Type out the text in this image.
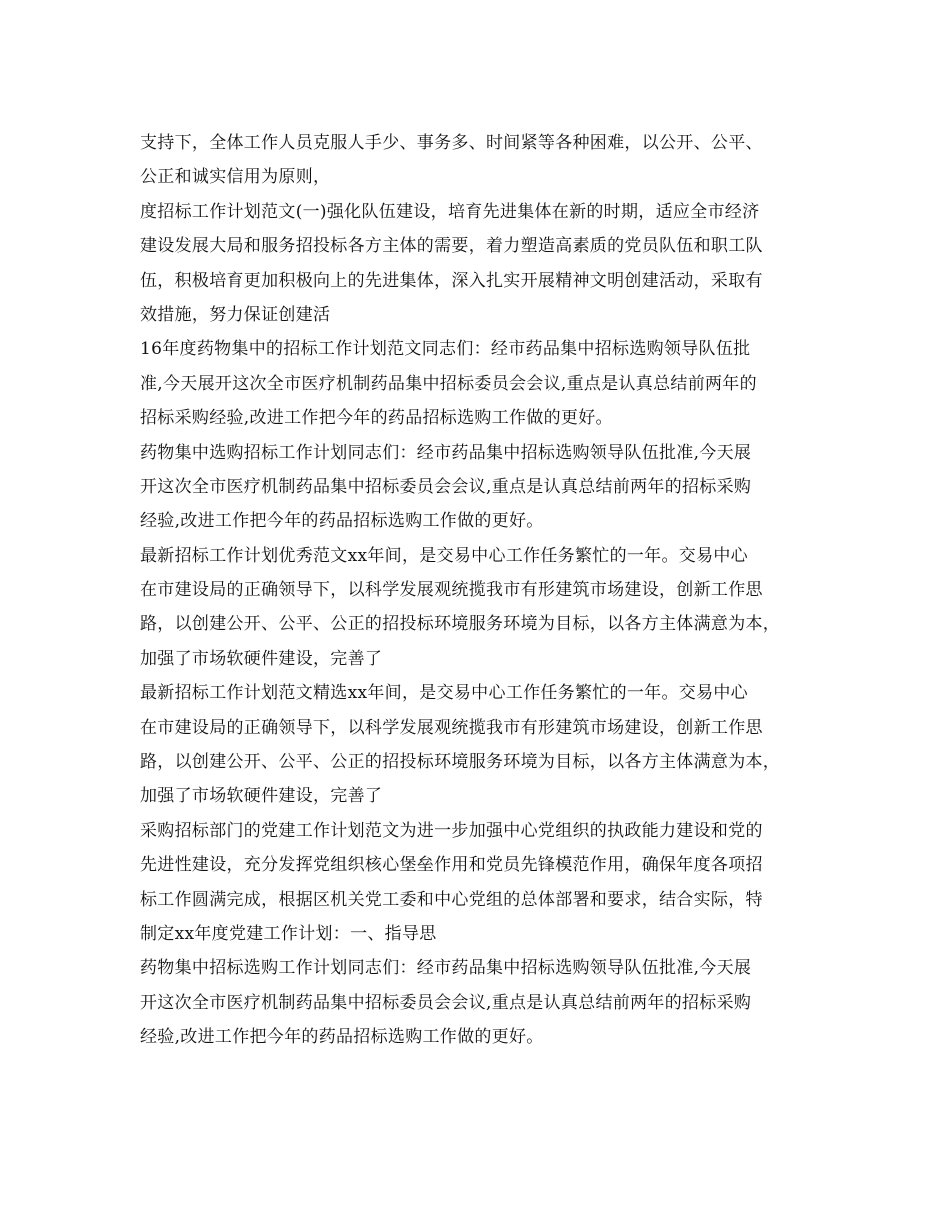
支持下，全体工作人员克服人手少、事务多、时间紧等各种困难，以公开、公平、
公正和诚实信用为原则，
度招标工作计划范文(一)强化队伍建设，培育先进集体在新的时期，适应全市经济
建设发展大局和服务招投标各方主体的需要，着力塑造高素质的党员队伍和职工队
伍，积极培育更加积极向上的先进集体，深入扎实开展精神文明创建活动，采取有
效措施，努力保证创建活
16年度药物集中的招标工作计划范文同志们：经市药品集中招标选购领导队伍批
准,今天展开这次全市医疗机制药品集中招标委员会会议,重点是认真总结前两年的
招标采购经验,改进工作把今年的药品招标选购工作做的更好。
药物集中选购招标工作计划同志们：经市药品集中招标选购领导队伍批准,今天展
开这次全市医疗机制药品集中招标委员会会议,重点是认真总结前两年的招标采购
经验,改进工作把今年的药品招标选购工作做的更好。
最新招标工作计划优秀范文xx年间，是交易中心工作任务繁忙的一年。交易中心
在市建设局的正确领导下，以科学发展观统揽我市有形建筑市场建设，创新工作思
路，以创建公开、公平、公正的招投标环境服务环境为目标，以各方主体满意为本，
加强了市场软硬件建设，完善了
最新招标工作计划范文精选xx年间，是交易中心工作任务繁忙的一年。交易中心
在市建设局的正确领导下，以科学发展观统揽我市有形建筑市场建设，创新工作思
路，以创建公开、公平、公正的招投标环境服务环境为目标，以各方主体满意为本，
加强了市场软硬件建设，完善了
采购招标部门的党建工作计划范文为进一步加强中心党组织的执政能力建设和党的
先进性建设，充分发挥党组织核心堡垒作用和党员先锋模范作用，确保年度各项招
标工作圆满完成，根据区机关党工委和中心党组的总体部署和要求，结合实际，特
制定xx年度党建工作计划：一、指导思
药物集中招标选购工作计划同志们：经市药品集中招标选购领导队伍批准,今天展
开这次全市医疗机制药品集中招标委员会会议,重点是认真总结前两年的招标采购
经验,改进工作把今年的药品招标选购工作做的更好。
